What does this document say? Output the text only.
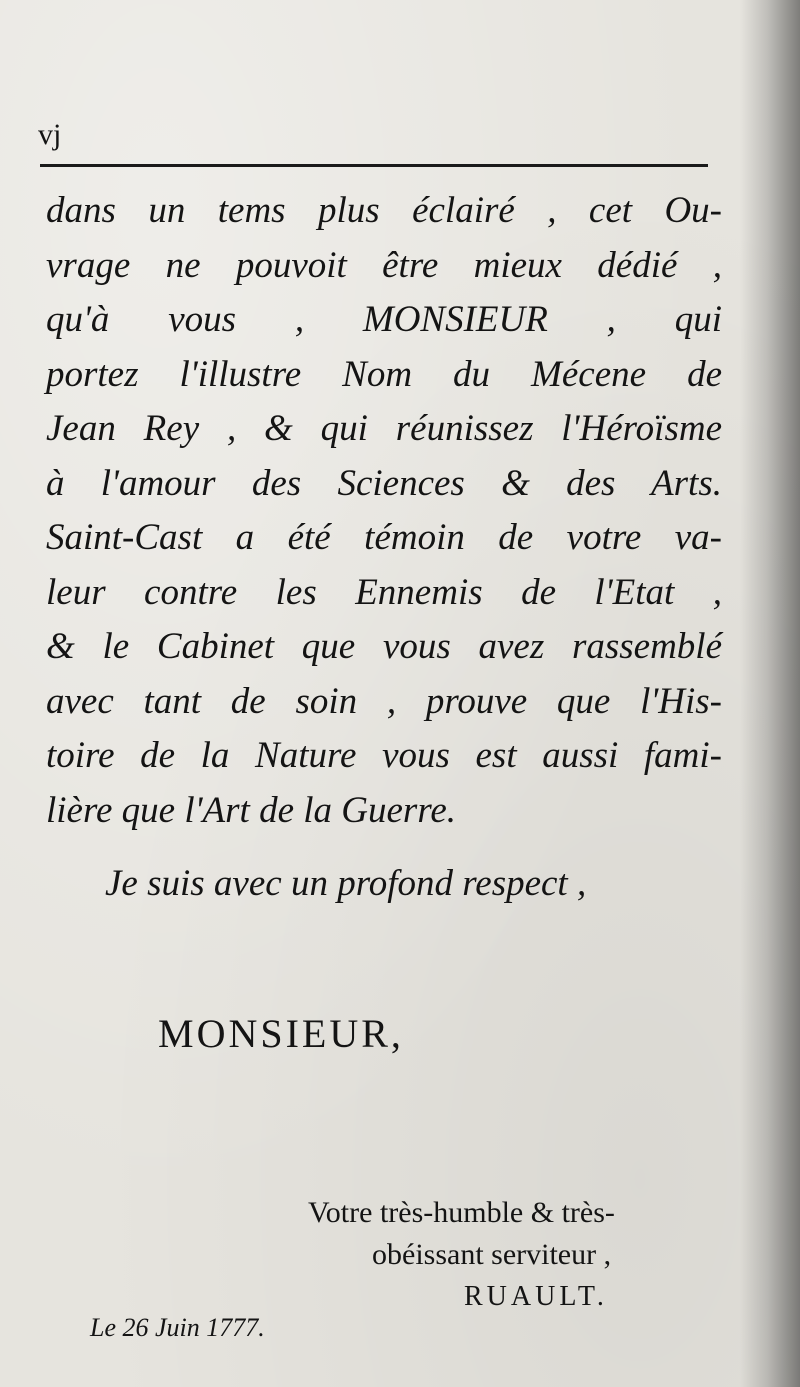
vj
dans un tems plus éclairé , cet Ou-
vrage ne pouvoit être mieux dédié ,
qu'à vous , MONSIEUR , qui
portez l'illustre Nom du Mécene de
Jean Rey , & qui réunissez l'Héroïsme
à l'amour des Sciences & des Arts.
Saint-Cast a été témoin de votre va-
leur contre les Ennemis de l'Etat ,
& le Cabinet que vous avez rassemblé
avec tant de soin , prouve que l'His-
toire de la Nature vous est aussi fami-
lière que l'Art de la Guerre.
Je suis avec un profond respect ,
MONSIEUR,
Votre très-humble & très-
obéissant serviteur ,
RUAULT.
Le 26 Juin 1777.
